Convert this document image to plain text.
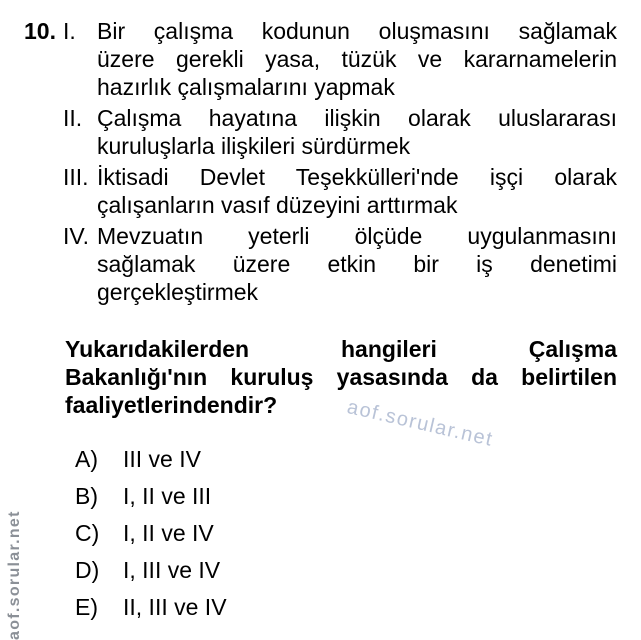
10. I. Bir çalışma kodunun oluşmasını sağlamak
üzere gerekli yasa, tüzük ve kararnamelerin
hazırlık çalışmalarını yapmak
II. Çalışma hayatına ilişkin olarak uluslararası
kuruluşlarla ilişkileri sürdürmek
III. İktisadi Devlet Teşekkülleri'nde işçi olarak
çalışanların vasıf düzeyini arttırmak
IV. Mevzuatın yeterli ölçüde uygulanmasını
sağlamak üzere etkin bir iş denetimi
gerçekleştirmek
Yukarıdakilerden hangileri Çalışma
Bakanlığı'nın kuruluş yasasında da belirtilen
faaliyetlerindendir?
A)	III ve IV
B)	I, II ve III
C)	I, II ve IV
D)	I, III ve IV
E)	II, III ve IV
aof.sorular.net
aof.sorular.net
